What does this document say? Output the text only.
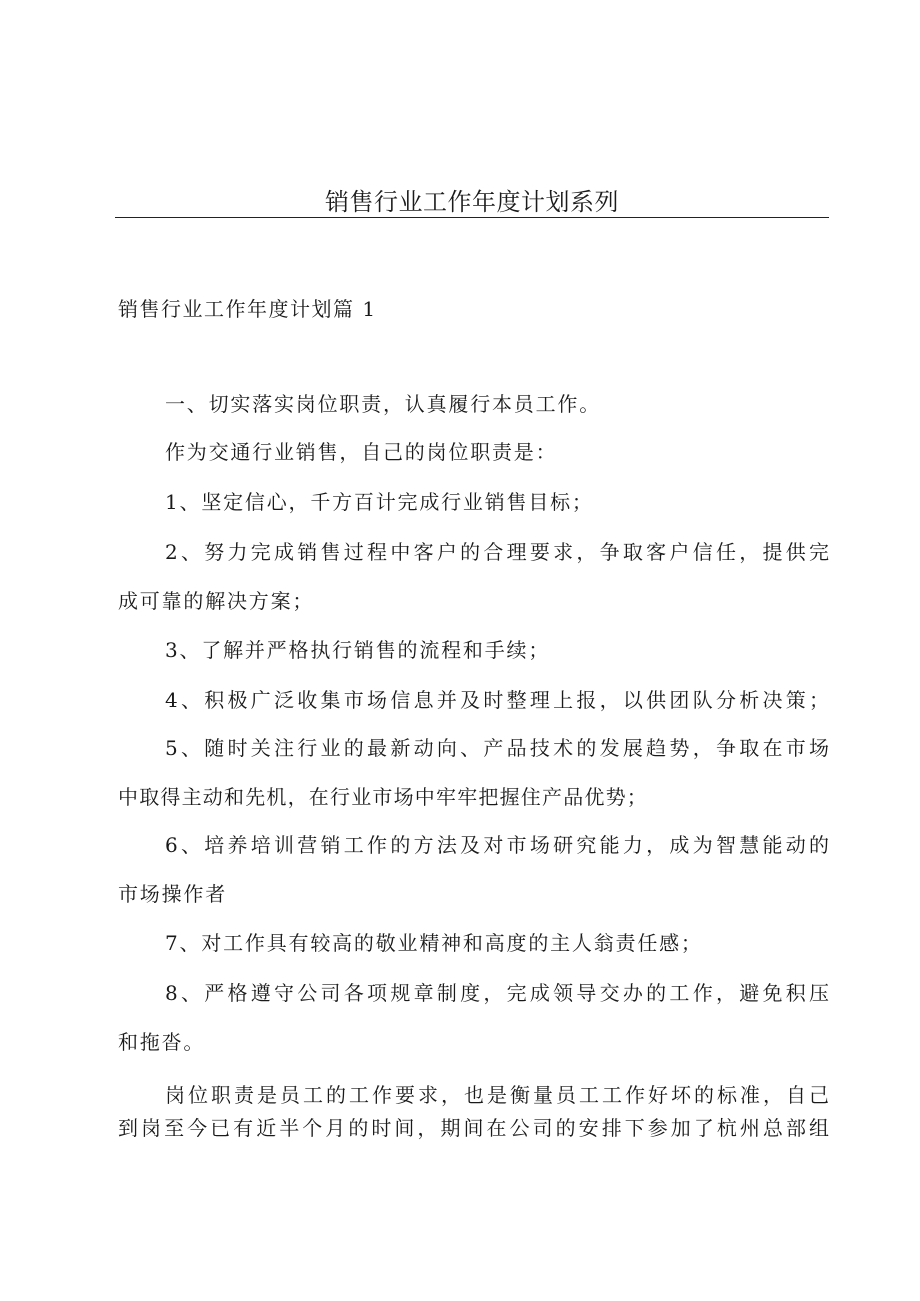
销售行业工作年度计划系列
销售行业工作年度计划篇 1
一、切实落实岗位职责，认真履行本员工作。
作为交通行业销售，自己的岗位职责是：
1、坚定信心，千方百计完成行业销售目标；
2、努力完成销售过程中客户的合理要求，争取客户信任，提供完
成可靠的解决方案；
3、了解并严格执行销售的流程和手续；
4、积极广泛收集市场信息并及时整理上报，以供团队分析决策；
5、随时关注行业的最新动向、产品技术的发展趋势，争取在市场
中取得主动和先机，在行业市场中牢牢把握住产品优势；
6、培养培训营销工作的方法及对市场研究能力，成为智慧能动的
市场操作者
7、对工作具有较高的敬业精神和高度的主人翁责任感；
8、严格遵守公司各项规章制度，完成领导交办的工作，避免积压
和拖沓。
岗位职责是员工的工作要求，也是衡量员工工作好坏的标准，自己
到岗至今已有近半个月的时间，期间在公司的安排下参加了杭州总部组
